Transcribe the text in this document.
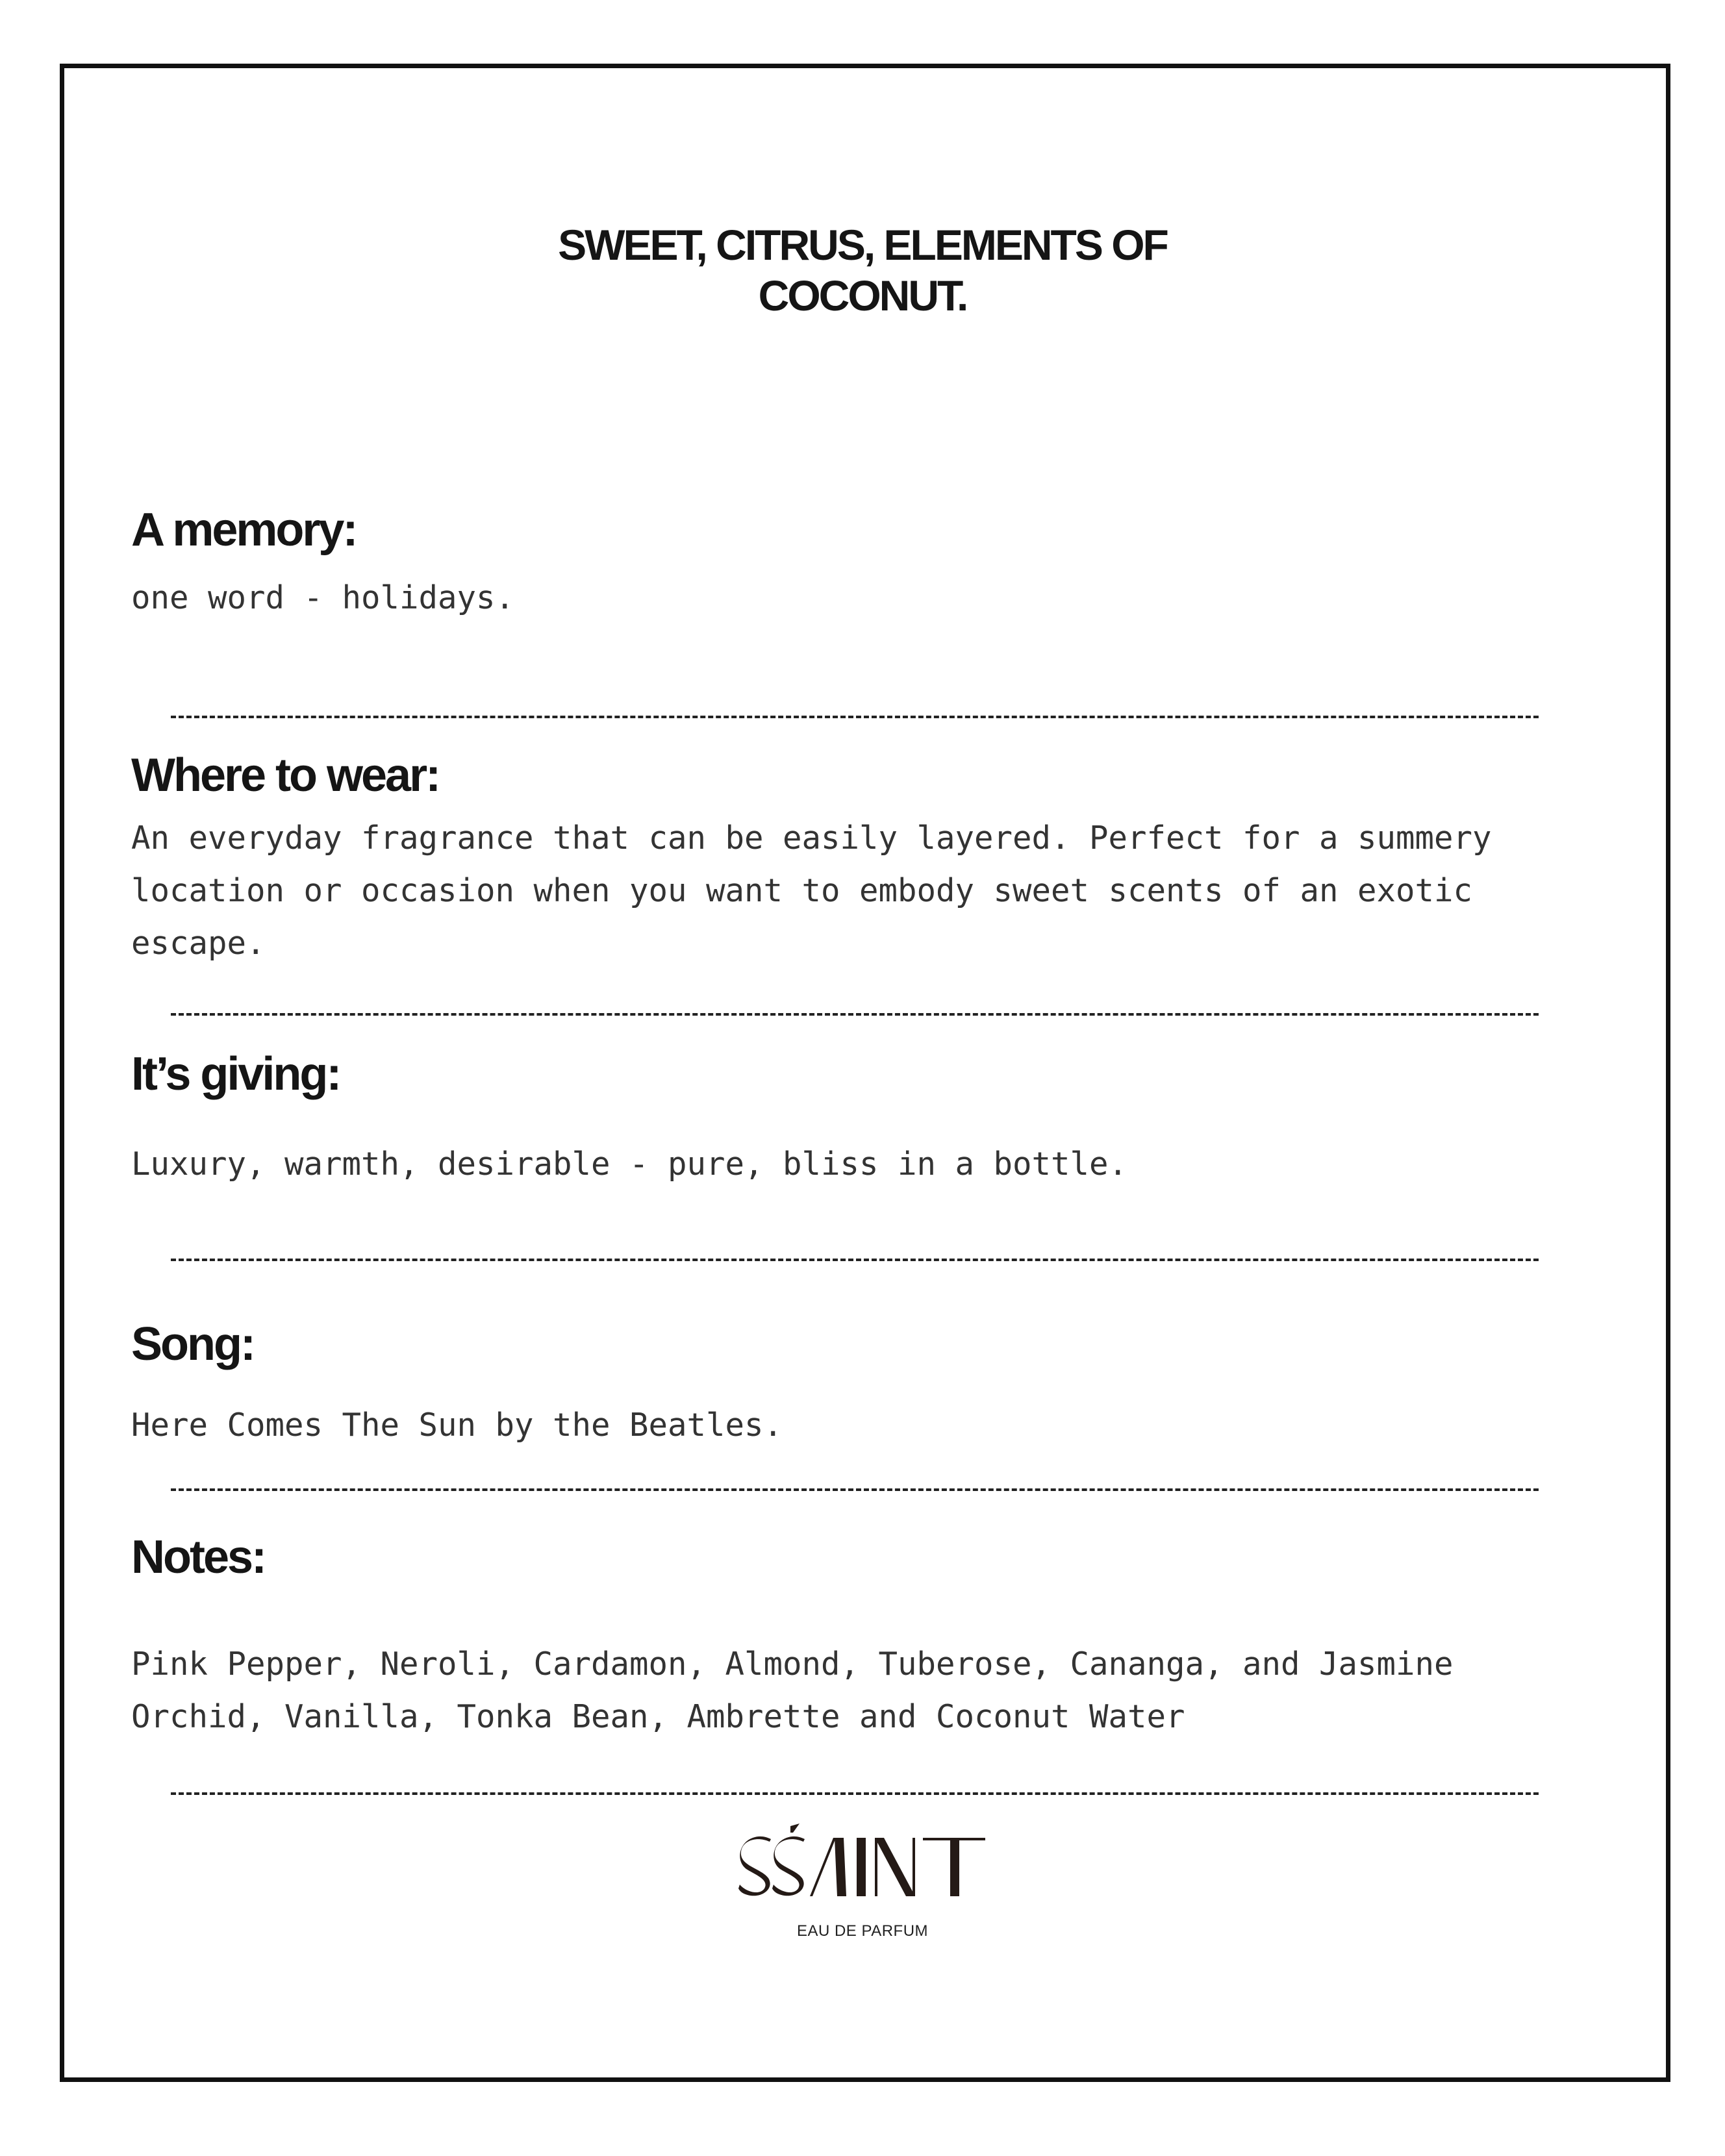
SWEET, CITRUS, ELEMENTS OF
COCONUT.
A memory:

one word - holidays.

Where to wear:

An everyday fragrance that can be easily layered. Perfect for a summery
location or occasion when you want to embody sweet scents of an exotic
escape.

It’s giving:

Luxury, warmth, desirable - pure, bliss in a bottle.

Song:

Here Comes The Sun by the Beatles.

Notes:

Pink Pepper, Neroli, Cardamon, Almond, Tuberose, Cananga, and Jasmine
Orchid, Vanilla, Tonka Bean, Ambrette and Coconut Water

EAU DE PARFUM
